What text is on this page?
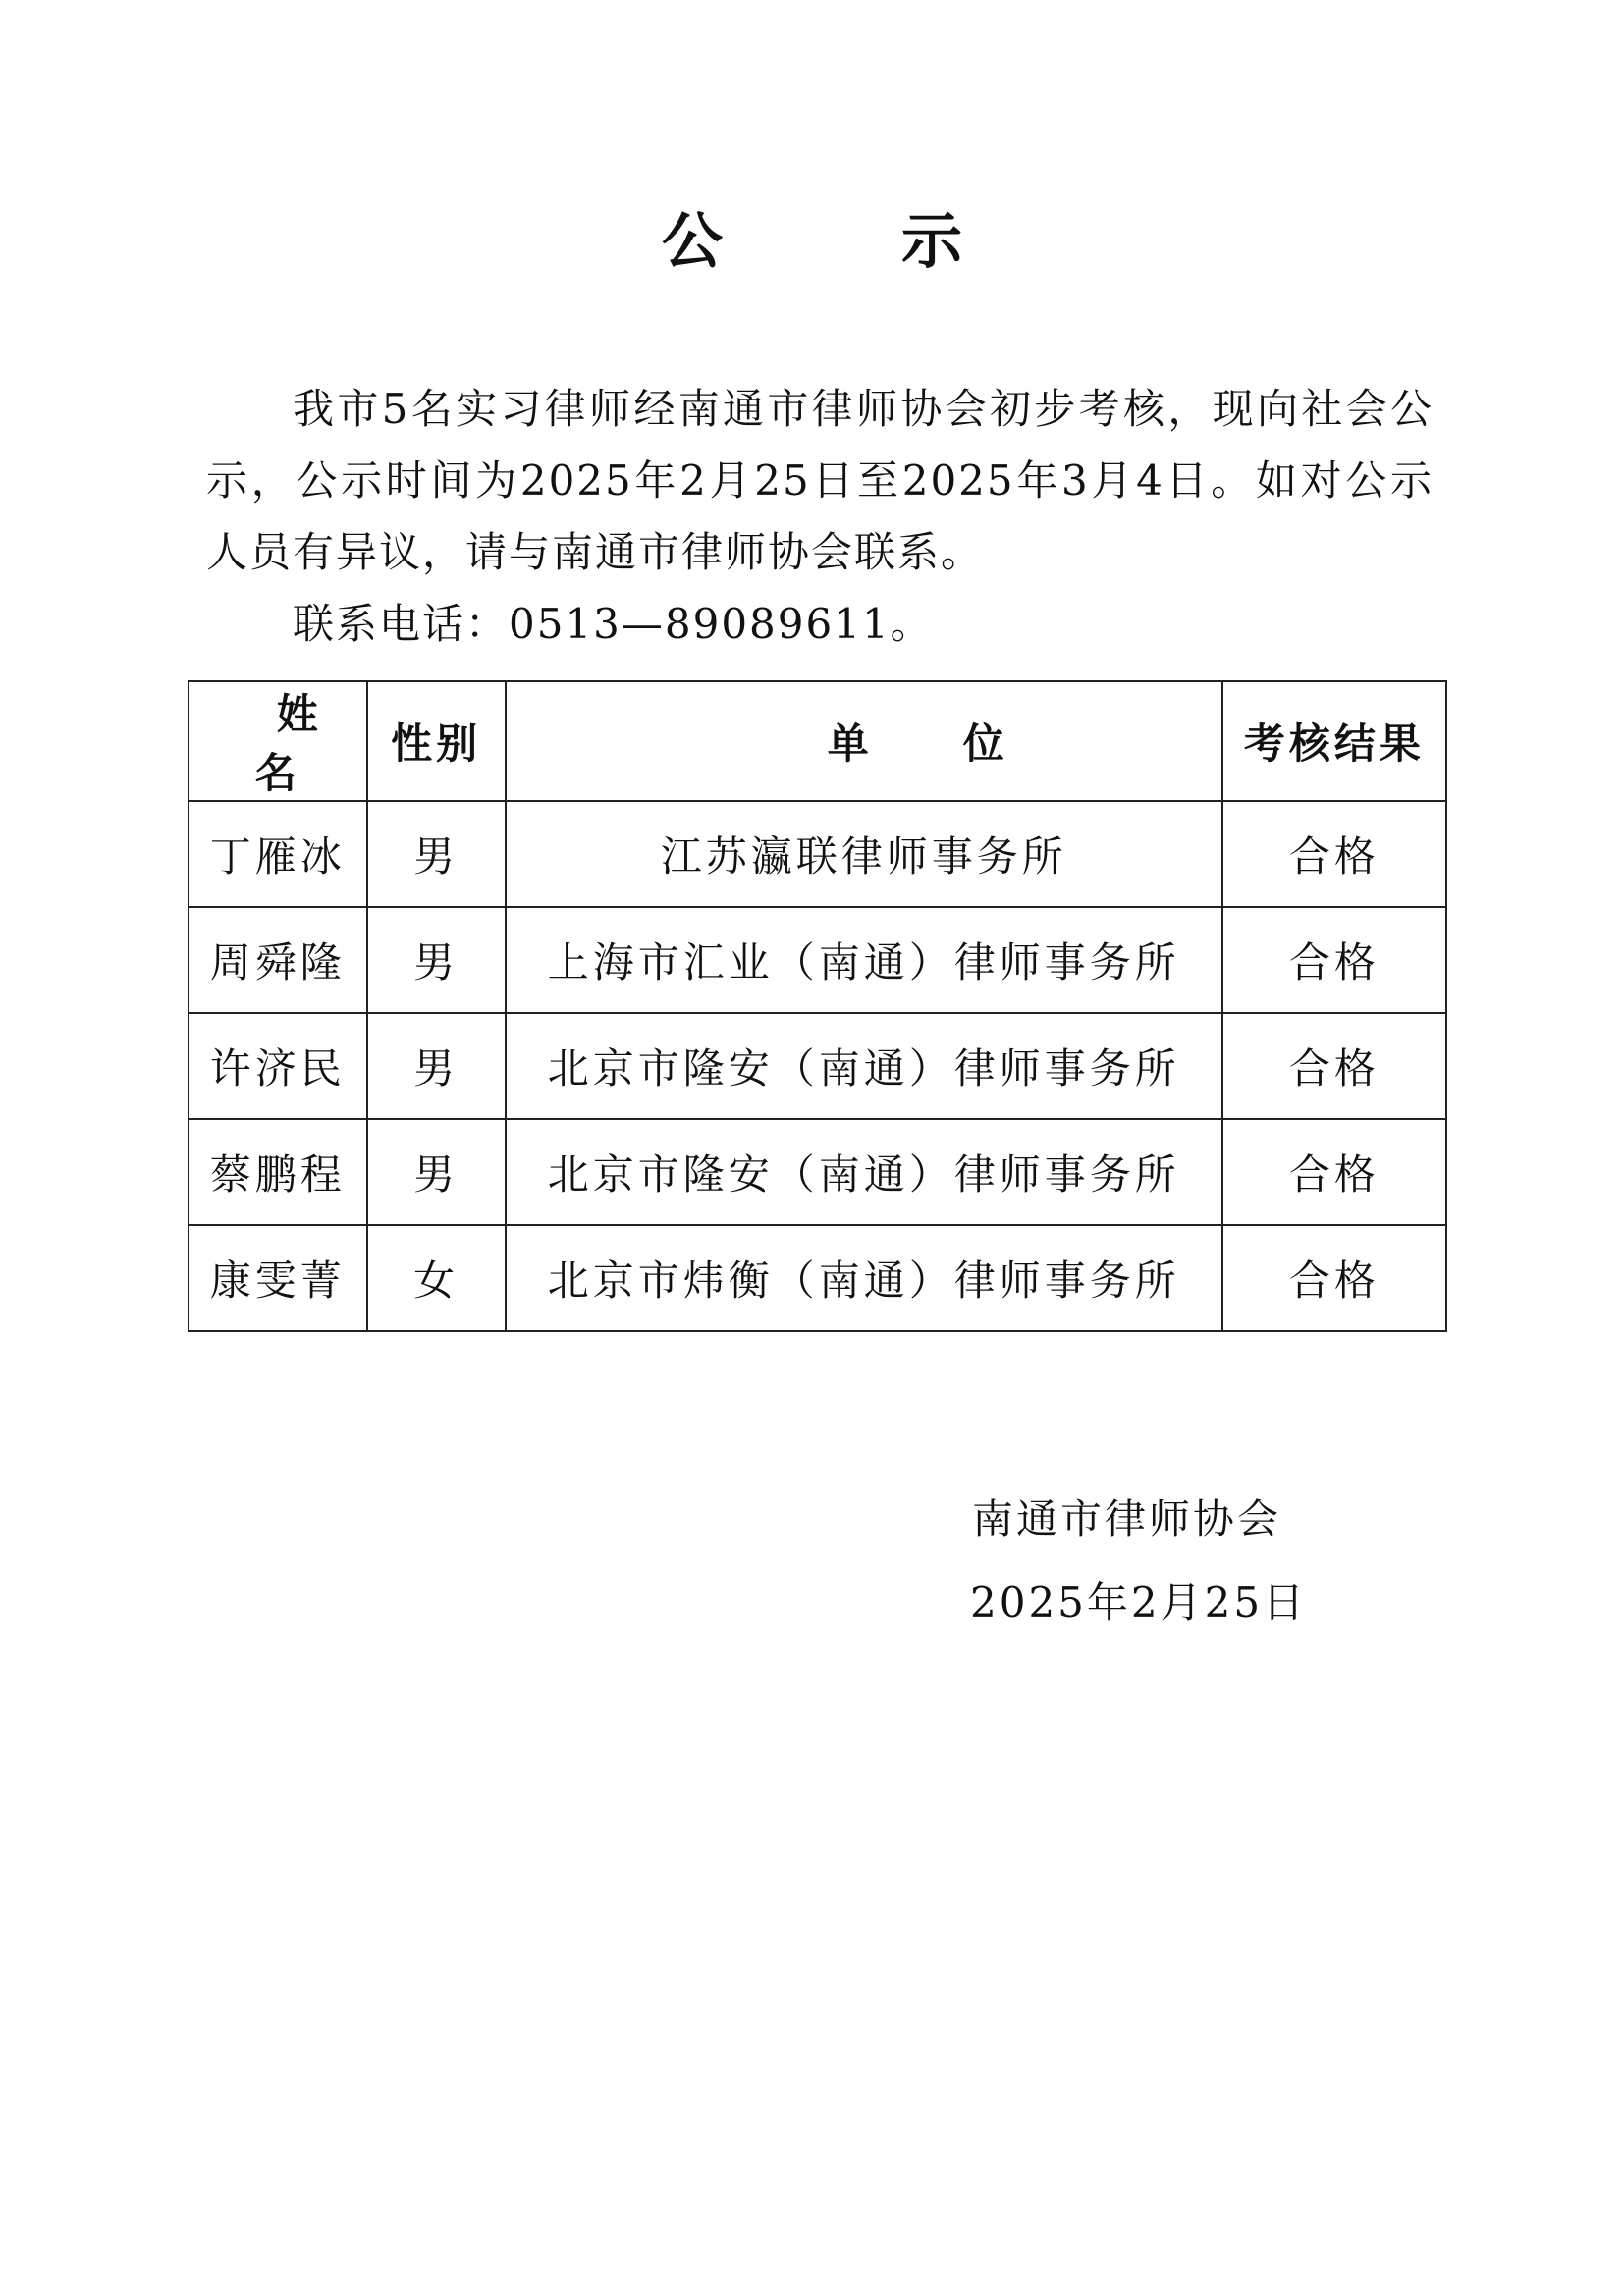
公　示

我市5名实习律师经南通市律师协会初步考核，现向社会公示，公示时间为2025年2月25日至2025年3月4日。如对公示人员有异议，请与南通市律师协会联系。

联系电话：0513—89089611。

姓　名	性别	单　　位	考核结果
丁雁冰	男	江苏瀛联律师事务所	合格
周舜隆	男	上海市汇业（南通）律师事务所	合格
许济民	男	北京市隆安（南通）律师事务所	合格
蔡鹏程	男	北京市隆安（南通）律师事务所	合格
康雯菁	女	北京市炜衡（南通）律师事务所	合格
南通市律师协会
2025年2月25日
